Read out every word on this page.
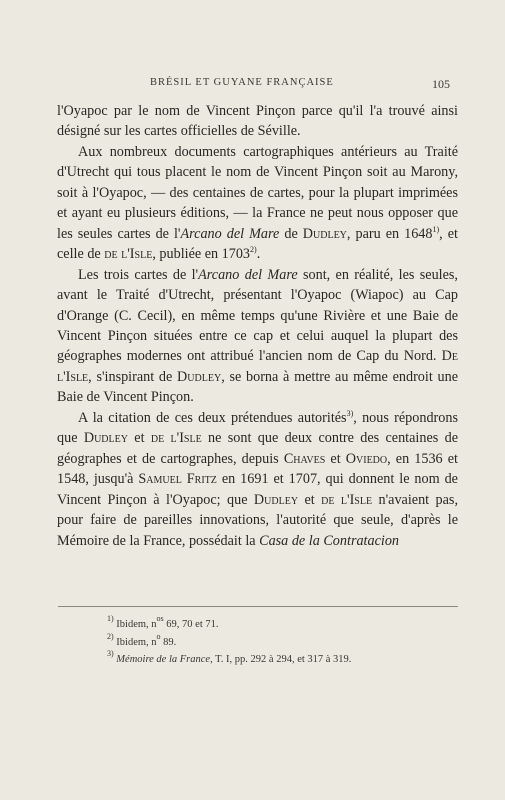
BRÉSIL ET GUYANE FRANÇAISE	105

l'Oyapoc par le nom de Vincent Pinçon parce qu'il l'a trouvé ainsi désigné sur les cartes officielles de Séville.

Aux nombreux documents cartographiques antérieurs au Traité d'Utrecht qui tous placent le nom de Vincent Pinçon soit au Marony, soit à l'Oyapoc, — des centaines de cartes, pour la plupart imprimées et ayant eu plusieurs éditions, — la France ne peut nous opposer que les seules cartes de l'Arcano del Mare de Dudley, paru en 1648$^{1)}$, et celle de de l'Isle, publiée en 1703$^{2)}$.

Les trois cartes de l'Arcano del Mare sont, en réalité, les seules, avant le Traité d'Utrecht, présentant l'Oyapoc (Wiapoc) au Cap d'Orange (C. Cecil), en même temps qu'une Rivière et une Baie de Vincent Pinçon situées entre ce cap et celui auquel la plupart des géographes modernes ont attribué l'ancien nom de Cap du Nord. De l'Isle, s'inspirant de Dudley, se borna à mettre au même endroit une Baie de Vincent Pinçon.

A la citation de ces deux prétendues autorités$^{3)}$, nous répondrons que Dudley et de l'Isle ne sont que deux contre des centaines de géographes et de cartographes, depuis Chaves et Oviedo, en 1536 et 1548, jusqu'à Samuel Fritz en 1691 et 1707, qui donnent le nom de Vincent Pinçon à l'Oyapoc; que Dudley et de l'Isle n'avaient pas, pour faire de pareilles innovations, l'autorité que seule, d'après le Mémoire de la France, possédait la Casa de la Contratacion

$^{1)}$ Ibidem, $n^{os}$ 69, 70 et 71.
$^{2)}$ Ibidem, $n^o$ 89.
$^{3)}$ Mémoire de la France, T. I, pp. 292 à 294, et 317 à 319.
